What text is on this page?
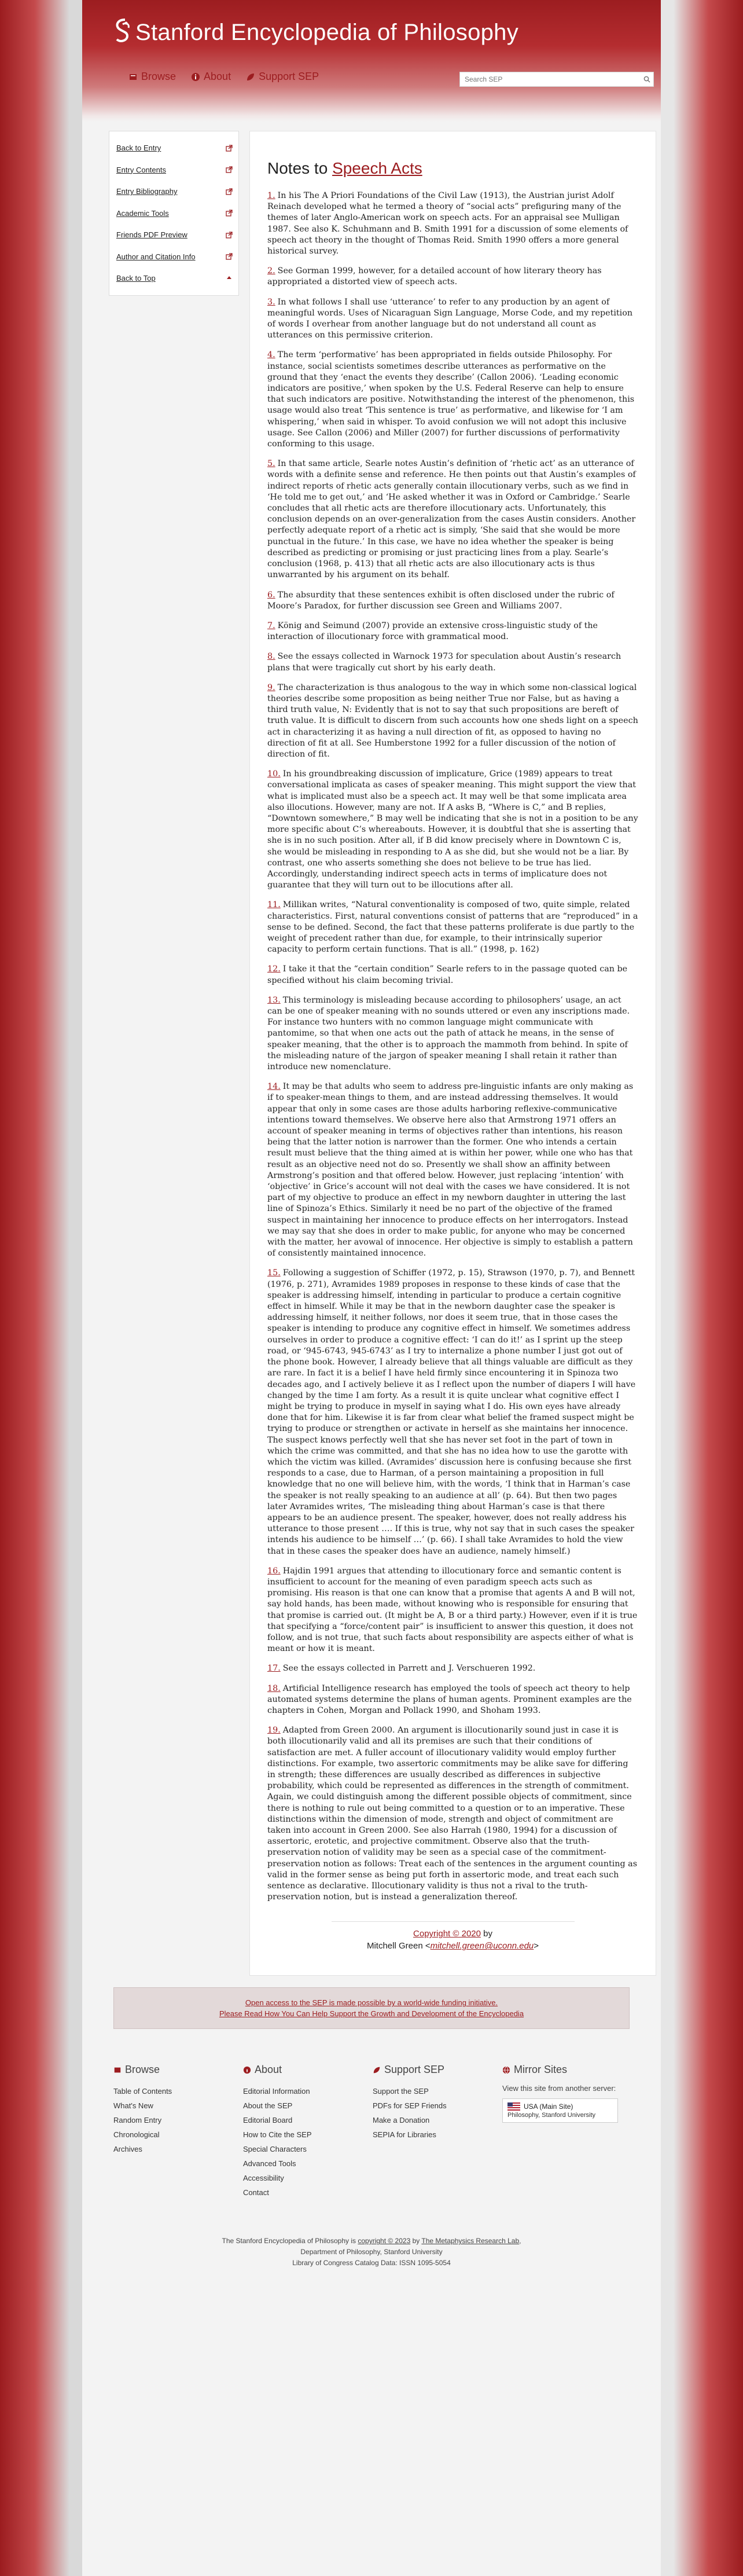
Stanford Encyclopedia of Philosophy
Browse	About	Support SEP
Search SEP
Back to Entry
Entry Contents
Entry Bibliography
Academic Tools
Friends PDF Preview
Author and Citation Info
Back to Top
Notes to Speech Acts

1. In his The A Priori Foundations of the Civil Law (1913), the Austrian jurist Adolf Reinach developed what he termed a theory of “social acts” prefiguring many of the themes of later Anglo-American work on speech acts. For an appraisal see Mulligan 1987. See also K. Schuhmann and B. Smith 1991 for a discussion of some elements of speech act theory in the thought of Thomas Reid. Smith 1990 offers a more general historical survey.

2. See Gorman 1999, however, for a detailed account of how literary theory has appropriated a distorted view of speech acts.

3. In what follows I shall use ‘utterance’ to refer to any production by an agent of meaningful words. Uses of Nicaraguan Sign Language, Morse Code, and my repetition of words I overhear from another language but do not understand all count as utterances on this permissive criterion.

4. The term ‘performative’ has been appropriated in fields outside Philosophy. For instance, social scientists sometimes describe utterances as performative on the ground that they ‘enact the events they describe’ (Callon 2006). ‘Leading economic indicators are positive,’ when spoken by the U.S. Federal Reserve can help to ensure that such indicators are positive. Notwithstanding the interest of the phenomenon, this usage would also treat ‘This sentence is true’ as performative, and likewise for ‘I am whispering,’ when said in whisper. To avoid confusion we will not adopt this inclusive usage. See Callon (2006) and Miller (2007) for further discussions of performativity conforming to this usage.

5. In that same article, Searle notes Austin’s definition of ‘rhetic act’ as an utterance of words with a definite sense and reference. He then points out that Austin’s examples of indirect reports of rhetic acts generally contain illocutionary verbs, such as we find in ‘He told me to get out,’ and ‘He asked whether it was in Oxford or Cambridge.’ Searle concludes that all rhetic acts are therefore illocutionary acts. Unfortunately, this conclusion depends on an over-generalization from the cases Austin considers. Another perfectly adequate report of a rhetic act is simply, ‘She said that she would be more punctual in the future.’ In this case, we have no idea whether the speaker is being described as predicting or promising or just practicing lines from a play. Searle’s conclusion (1968, p. 413) that all rhetic acts are also illocutionary acts is thus unwarranted by his argument on its behalf.

6. The absurdity that these sentences exhibit is often disclosed under the rubric of Moore’s Paradox, for further discussion see Green and Williams 2007.

7. König and Seimund (2007) provide an extensive cross-linguistic study of the interaction of illocutionary force with grammatical mood.

8. See the essays collected in Warnock 1973 for speculation about Austin’s research plans that were tragically cut short by his early death.

9. The characterization is thus analogous to the way in which some non-classical logical theories describe some proposition as being neither True nor False, but as having a third truth value, N: Evidently that is not to say that such propositions are bereft of truth value. It is difficult to discern from such accounts how one sheds light on a speech act in characterizing it as having a null direction of fit, as opposed to having no direction of fit at all. See Humberstone 1992 for a fuller discussion of the notion of direction of fit.

10. In his groundbreaking discussion of implicature, Grice (1989) appears to treat conversational implicata as cases of speaker meaning. This might support the view that what is implicated must also be a speech act. It may well be that some implicata area also illocutions. However, many are not. If A asks B, “Where is C,” and B replies, “Downtown somewhere,” B may well be indicating that she is not in a position to be any more specific about C’s whereabouts. However, it is doubtful that she is asserting that she is in no such position. After all, if B did know precisely where in Downtown C is, she would be misleading in responding to A as she did, but she would not be a liar. By contrast, one who asserts something she does not believe to be true has lied. Accordingly, understanding indirect speech acts in terms of implicature does not guarantee that they will turn out to be illocutions after all.

11. Millikan writes, “Natural conventionality is composed of two, quite simple, related characteristics. First, natural conventions consist of patterns that are “reproduced” in a sense to be defined. Second, the fact that these patterns proliferate is due partly to the weight of precedent rather than due, for example, to their intrinsically superior capacity to perform certain functions. That is all.” (1998, p. 162)

12. I take it that the “certain condition” Searle refers to in the passage quoted can be specified without his claim becoming trivial.

13. This terminology is misleading because according to philosophers’ usage, an act can be one of speaker meaning with no sounds uttered or even any inscriptions made. For instance two hunters with no common language might communicate with pantomime, so that when one acts out the path of attack he means, in the sense of speaker meaning, that the other is to approach the mammoth from behind. In spite of the misleading nature of the jargon of speaker meaning I shall retain it rather than introduce new nomenclature.

14. It may be that adults who seem to address pre-linguistic infants are only making as if to speaker-mean things to them, and are instead addressing themselves. It would appear that only in some cases are those adults harboring reflexive-communicative intentions toward themselves. We observe here also that Armstrong 1971 offers an account of speaker meaning in terms of objectives rather than intentions, his reason being that the latter notion is narrower than the former. One who intends a certain result must believe that the thing aimed at is within her power, while one who has that result as an objective need not do so. Presently we shall show an affinity between Armstrong’s position and that offered below. However, just replacing ‘intention’ with ‘objective’ in Grice’s account will not deal with the cases we have considered. It is not part of my objective to produce an effect in my newborn daughter in uttering the last line of Spinoza’s Ethics. Similarly it need be no part of the objective of the framed suspect in maintaining her innocence to produce effects on her interrogators. Instead we may say that she does in order to make public, for anyone who may be concerned with the matter, her avowal of innocence. Her objective is simply to establish a pattern of consistently maintained innocence.

15. Following a suggestion of Schiffer (1972, p. 15), Strawson (1970, p. 7), and Bennett (1976, p. 271), Avramides 1989 proposes in response to these kinds of case that the speaker is addressing himself, intending in particular to produce a certain cognitive effect in himself. While it may be that in the newborn daughter case the speaker is addressing himself, it neither follows, nor does it seem true, that in those cases the speaker is intending to produce any cognitive effect in himself. We sometimes address ourselves in order to produce a cognitive effect: ‘I can do it!’ as I sprint up the steep road, or ‘945-6743, 945-6743’ as I try to internalize a phone number I just got out of the phone book. However, I already believe that all things valuable are difficult as they are rare. In fact it is a belief I have held firmly since encountering it in Spinoza two decades ago, and I actively believe it as I reflect upon the number of diapers I will have changed by the time I am forty. As a result it is quite unclear what cognitive effect I might be trying to produce in myself in saying what I do. His own eyes have already done that for him. Likewise it is far from clear what belief the framed suspect might be trying to produce or strengthen or activate in herself as she maintains her innocence. The suspect knows perfectly well that she has never set foot in the part of town in which the crime was committed, and that she has no idea how to use the garotte with which the victim was killed. (Avramides’ discussion here is confusing because she first responds to a case, due to Harman, of a person maintaining a proposition in full knowledge that no one will believe him, with the words, ‘I think that in Harman’s case the speaker is not really speaking to an audience at all’ (p. 64). But then two pages later Avramides writes, ‘The misleading thing about Harman’s case is that there appears to be an audience present. The speaker, however, does not really address his utterance to those present …. If this is true, why not say that in such cases the speaker intends his audience to be himself …’ (p. 66). I shall take Avramides to hold the view that in these cases the speaker does have an audience, namely himself.)

16. Hajdin 1991 argues that attending to illocutionary force and semantic content is insufficient to account for the meaning of even paradigm speech acts such as promising. His reason is that one can know that a promise that agents A and B will not, say hold hands, has been made, without knowing who is responsible for ensuring that that promise is carried out. (It might be A, B or a third party.) However, even if it is true that specifying a “force/content pair” is insufficient to answer this question, it does not follow, and is not true, that such facts about responsibility are aspects either of what is meant or how it is meant.

17. See the essays collected in Parrett and J. Verschueren 1992.

18. Artificial Intelligence research has employed the tools of speech act theory to help automated systems determine the plans of human agents. Prominent examples are the chapters in Cohen, Morgan and Pollack 1990, and Shoham 1993.

19. Adapted from Green 2000. An argument is illocutionarily sound just in case it is both illocutionarily valid and all its premises are such that their conditions of satisfaction are met. A fuller account of illocutionary validity would employ further distinctions. For example, two assertoric commitments may be alike save for differing in strength; these differences are usually described as differences in subjective probability, which could be represented as differences in the strength of commitment. Again, we could distinguish among the different possible objects of commitment, since there is nothing to rule out being committed to a question or to an imperative. These distinctions within the dimension of mode, strength and object of commitment are taken into account in Green 2000. See also Harrah (1980, 1994) for a discussion of assertoric, erotetic, and projective commitment. Observe also that the truth-preservation notion of validity may be seen as a special case of the commitment-preservation notion as follows: Treat each of the sentences in the argument counting as valid in the former sense as being put forth in assertoric mode, and treat each such sentence as declarative. Illocutionary validity is thus not a rival to the truth-preservation notion, but is instead a generalization thereof.

Copyright © 2020 by
Mitchell Green <mitchell.green@uconn.edu>
Open access to the SEP is made possible by a world-wide funding initiative.
Please Read How You Can Help Support the Growth and Development of the Encyclopedia
Browse
Table of Contents
What's New
Random Entry
Chronological
Archives
About
Editorial Information
About the SEP
Editorial Board
How to Cite the SEP
Special Characters
Advanced Tools
Accessibility
Contact
Support SEP
Support the SEP
PDFs for SEP Friends
Make a Donation
SEPIA for Libraries
Mirror Sites
View this site from another server:
USA (Main Site)
Philosophy, Stanford University
The Stanford Encyclopedia of Philosophy is copyright © 2023 by The Metaphysics Research Lab,
Department of Philosophy, Stanford University
Library of Congress Catalog Data: ISSN 1095-5054
